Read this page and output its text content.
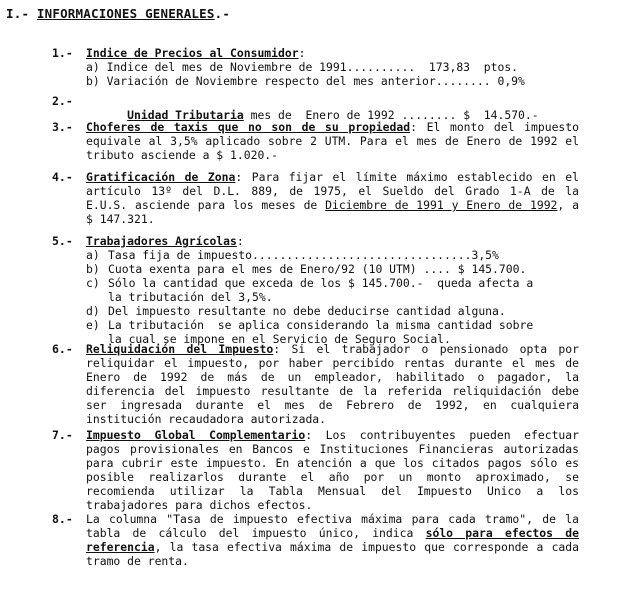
I.- INFORMACIONES GENERALES.-
1.-	Indice de Precios al Consumidor:
a) Indice del mes de Noviembre de 1991..........  173,83  ptos.
b) Variación de Noviembre respecto del mes anterior........ 0,9%
2.-

Unidad Tributaria mes de  Enero de 1992 ........ $  14.570.-

3.-	Choferes de taxis que no son de su propiedad: El monto del impuesto equivale al 3,5% aplicado sobre 2 UTM. Para el mes de Enero de 1992 el tributo asciende a $ 1.020.-
4.-	Gratificación de Zona: Para fijar el límite máximo establecido en el artículo 13º del D.L. 889, de 1975, el Sueldo del Grado 1-A de la E.U.S. asciende para los meses de Diciembre de 1991 y Enero de 1992, a $ 147.321.
5.-	Trabajadores Agrícolas:
a) Tasa fija de impuesto................................3,5%
b) Cuota exenta para el mes de Enero/92 (10 UTM) .... $ 145.700.
c) Sólo la cantidad que exceda de los $ 145.700.-  queda afecta a
la tributación del 3,5%.
d) Del impuesto resultante no debe deducirse cantidad alguna.
e) La tributación  se aplica considerando la misma cantidad sobre
la cual se impone en el Servicio de Seguro Social.
6.-	Reliquidación del Impuesto: Si el trabajador o pensionado opta por reliquidar el impuesto, por haber percibido rentas durante el mes de Enero de 1992 de más de un empleador, habilitado o pagador, la diferencia del impuesto resultante de la referida reliquidación debe ser ingresada durante el mes de Febrero de 1992, en cualquiera institución recaudadora autorizada.
7.-	Impuesto Global Complementario: Los contribuyentes pueden efectuar pagos provisionales en Bancos e Instituciones Financieras autorizadas para cubrir este impuesto. En atención a que los citados pagos sólo es posible realizarlos durante el año por un monto aproximado, se recomienda utilizar la Tabla Mensual del Impuesto Unico a los trabajadores para dichos efectos.
8.-	La columna "Tasa de impuesto efectiva máxima para cada tramo", de la tabla de cálculo del impuesto único, indica sólo para efectos de referencia, la tasa efectiva máxima de impuesto que corresponde a cada tramo de renta.
